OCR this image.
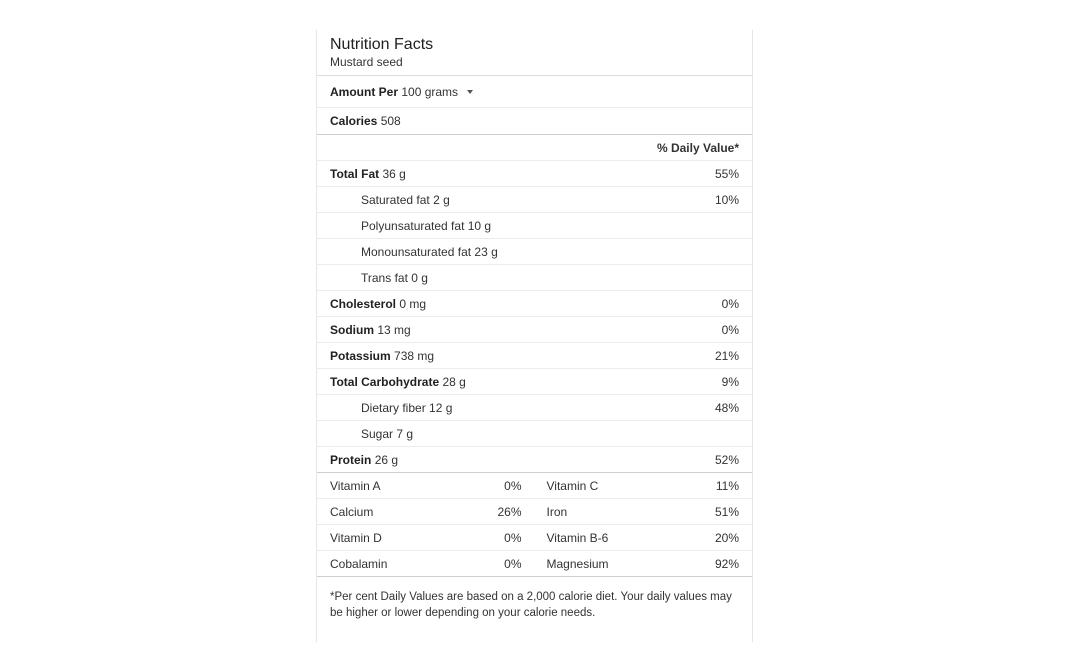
Nutrition Facts
Mustard seed
Amount Per 100 grams
Calories 508
% Daily Value*
Total Fat 36 g	55%
Saturated fat 2 g	10%
Polyunsaturated fat 10 g
Monounsaturated fat 23 g
Trans fat 0 g
Cholesterol 0 mg	0%
Sodium 13 mg	0%
Potassium 738 mg	21%
Total Carbohydrate 28 g	9%
Dietary fiber 12 g	48%
Sugar 7 g
Protein 26 g	52%
Vitamin A	0% Vitamin C	11%
Calcium	26% Iron	51%
Vitamin D	0% Vitamin B-6	20%
Cobalamin	0% Magnesium	92%
*Per cent Daily Values are based on a 2,000 calorie diet. Your daily values may be higher or lower depending on your calorie needs.
